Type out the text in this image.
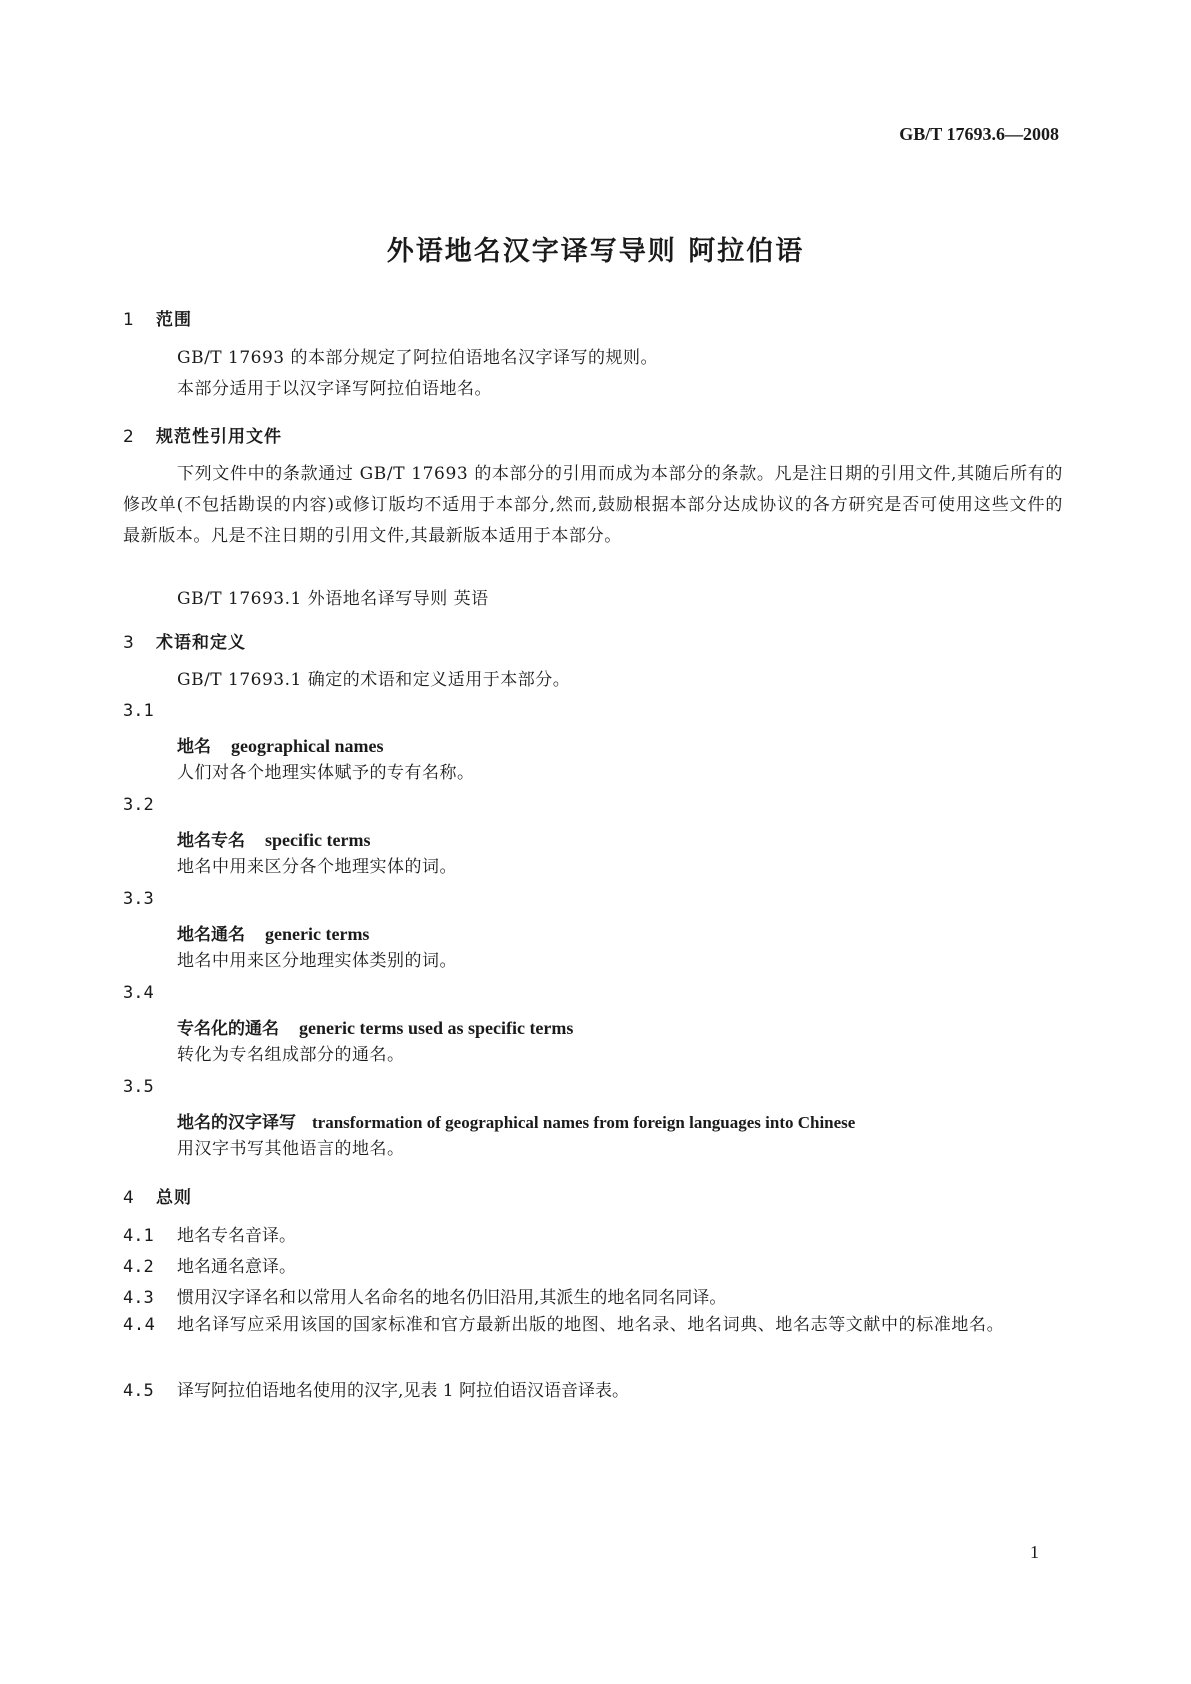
GB/T 17693.6—2008
外语地名汉字译写导则 阿拉伯语
1 范围
GB/T 17693 的本部分规定了阿拉伯语地名汉字译写的规则。
本部分适用于以汉字译写阿拉伯语地名。
2 规范性引用文件
下列文件中的条款通过 GB/T 17693 的本部分的引用而成为本部分的条款。凡是注日期的引用文件,其随后所有的修改单(不包括勘误的内容)或修订版均不适用于本部分,然而,鼓励根据本部分达成协议的各方研究是否可使用这些文件的最新版本。凡是不注日期的引用文件,其最新版本适用于本部分。
GB/T 17693.1 外语地名译写导则 英语
3 术语和定义
GB/T 17693.1 确定的术语和定义适用于本部分。
3.1
地名 geographical names
人们对各个地理实体赋予的专有名称。
3.2
地名专名 specific terms
地名中用来区分各个地理实体的词。
3.3
地名通名 generic terms
地名中用来区分地理实体类别的词。
3.4
专名化的通名 generic terms used as specific terms
转化为专名组成部分的通名。
3.5
地名的汉字译写 transformation of geographical names from foreign languages into Chinese
用汉字书写其他语言的地名。
4 总则
4.1 地名专名音译。
4.2 地名通名意译。
4.3 惯用汉字译名和以常用人名命名的地名仍旧沿用,其派生的地名同名同译。
4.4 地名译写应采用该国的国家标准和官方最新出版的地图、地名录、地名词典、地名志等文献中的标准地名。
4.5 译写阿拉伯语地名使用的汉字,见表 1 阿拉伯语汉语音译表。
1
